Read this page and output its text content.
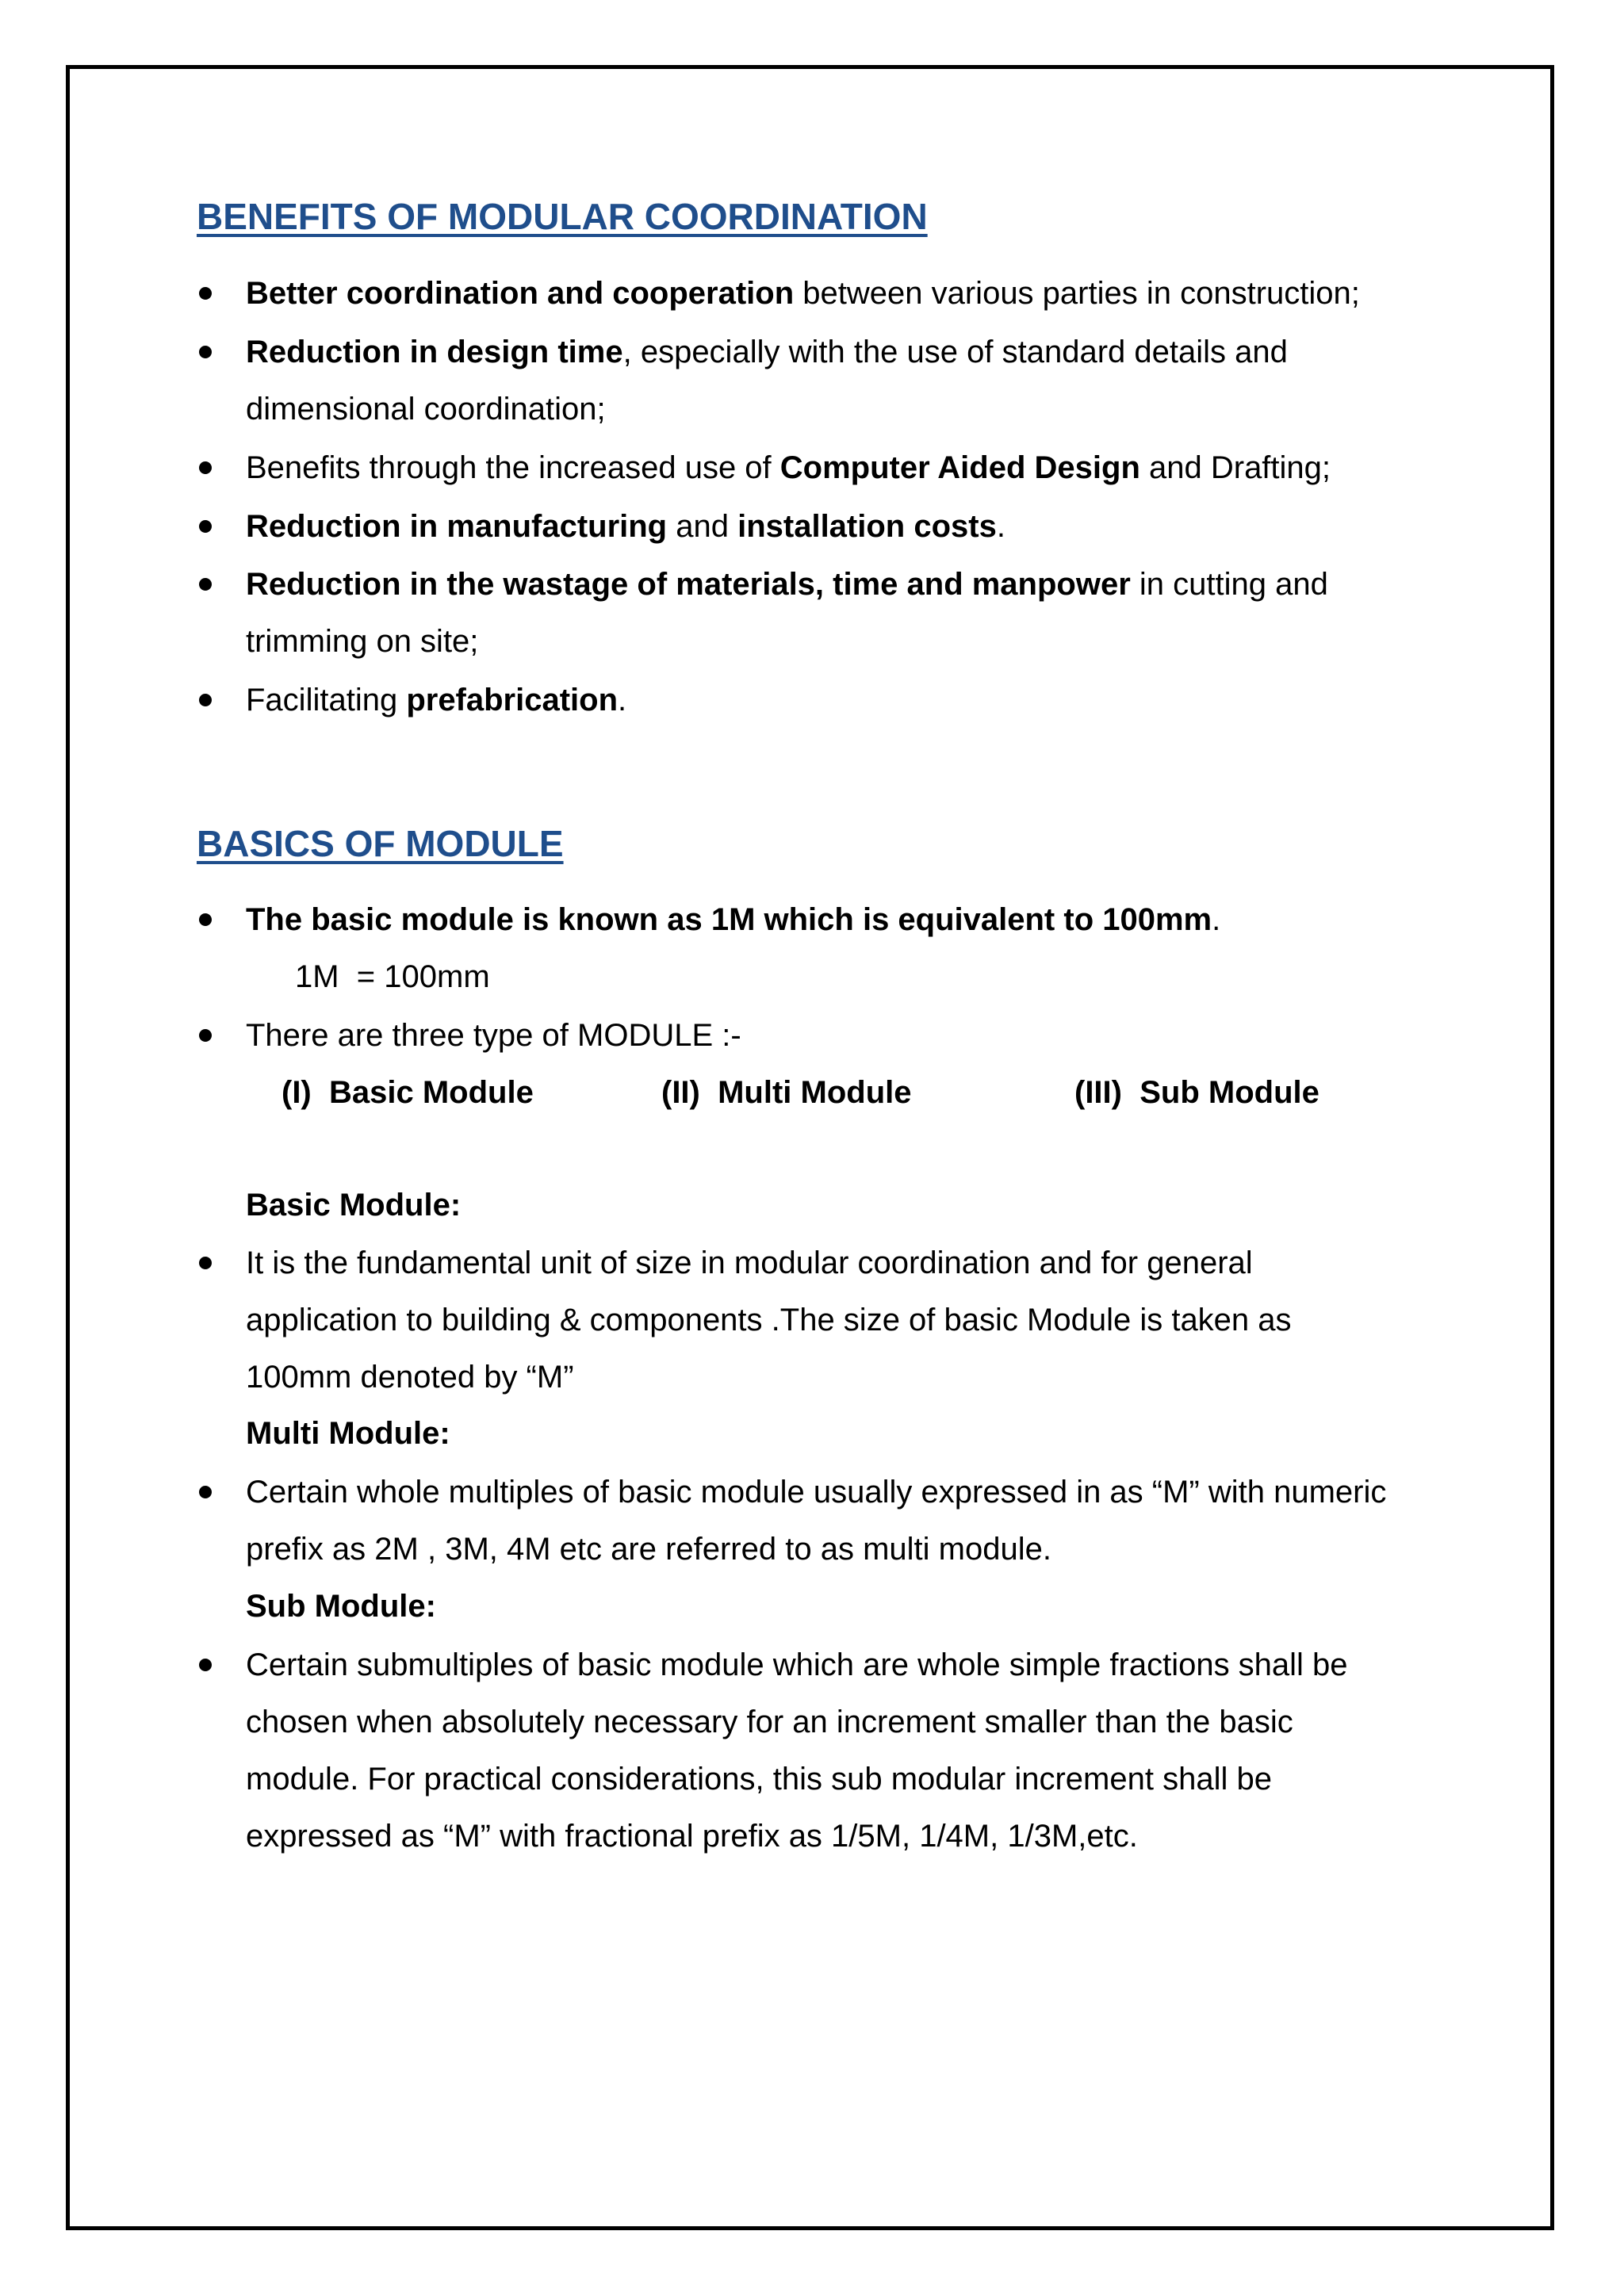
BENEFITS OF MODULAR COORDINATION
Better coordination and cooperation between various parties in construction;
Reduction in design time, especially with the use of standard details and
dimensional coordination;
Benefits through the increased use of Computer Aided Design and Drafting;
Reduction in manufacturing and installation costs.
Reduction in the wastage of materials, time and manpower in cutting and
trimming on site;
Facilitating prefabrication.
BASICS OF MODULE
The basic module is known as 1M which is equivalent to 100mm.
1M  = 100mm
There are three type of MODULE :-
(I) Basic Module	(II) Multi Module	(III) Sub Module
Basic Module:
It is the fundamental unit of size in modular coordination and for general
application to building & components .The size of basic Module is taken as
100mm denoted by “M”
Multi Module:
Certain whole multiples of basic module usually expressed in as “M” with numeric
prefix as 2M , 3M, 4M etc are referred to as multi module.
Sub Module:
Certain submultiples of basic module which are whole simple fractions shall be
chosen when absolutely necessary for an increment smaller than the basic
module. For practical considerations, this sub modular increment shall be
expressed as “M” with fractional prefix as 1/5M, 1/4M, 1/3M,etc.
